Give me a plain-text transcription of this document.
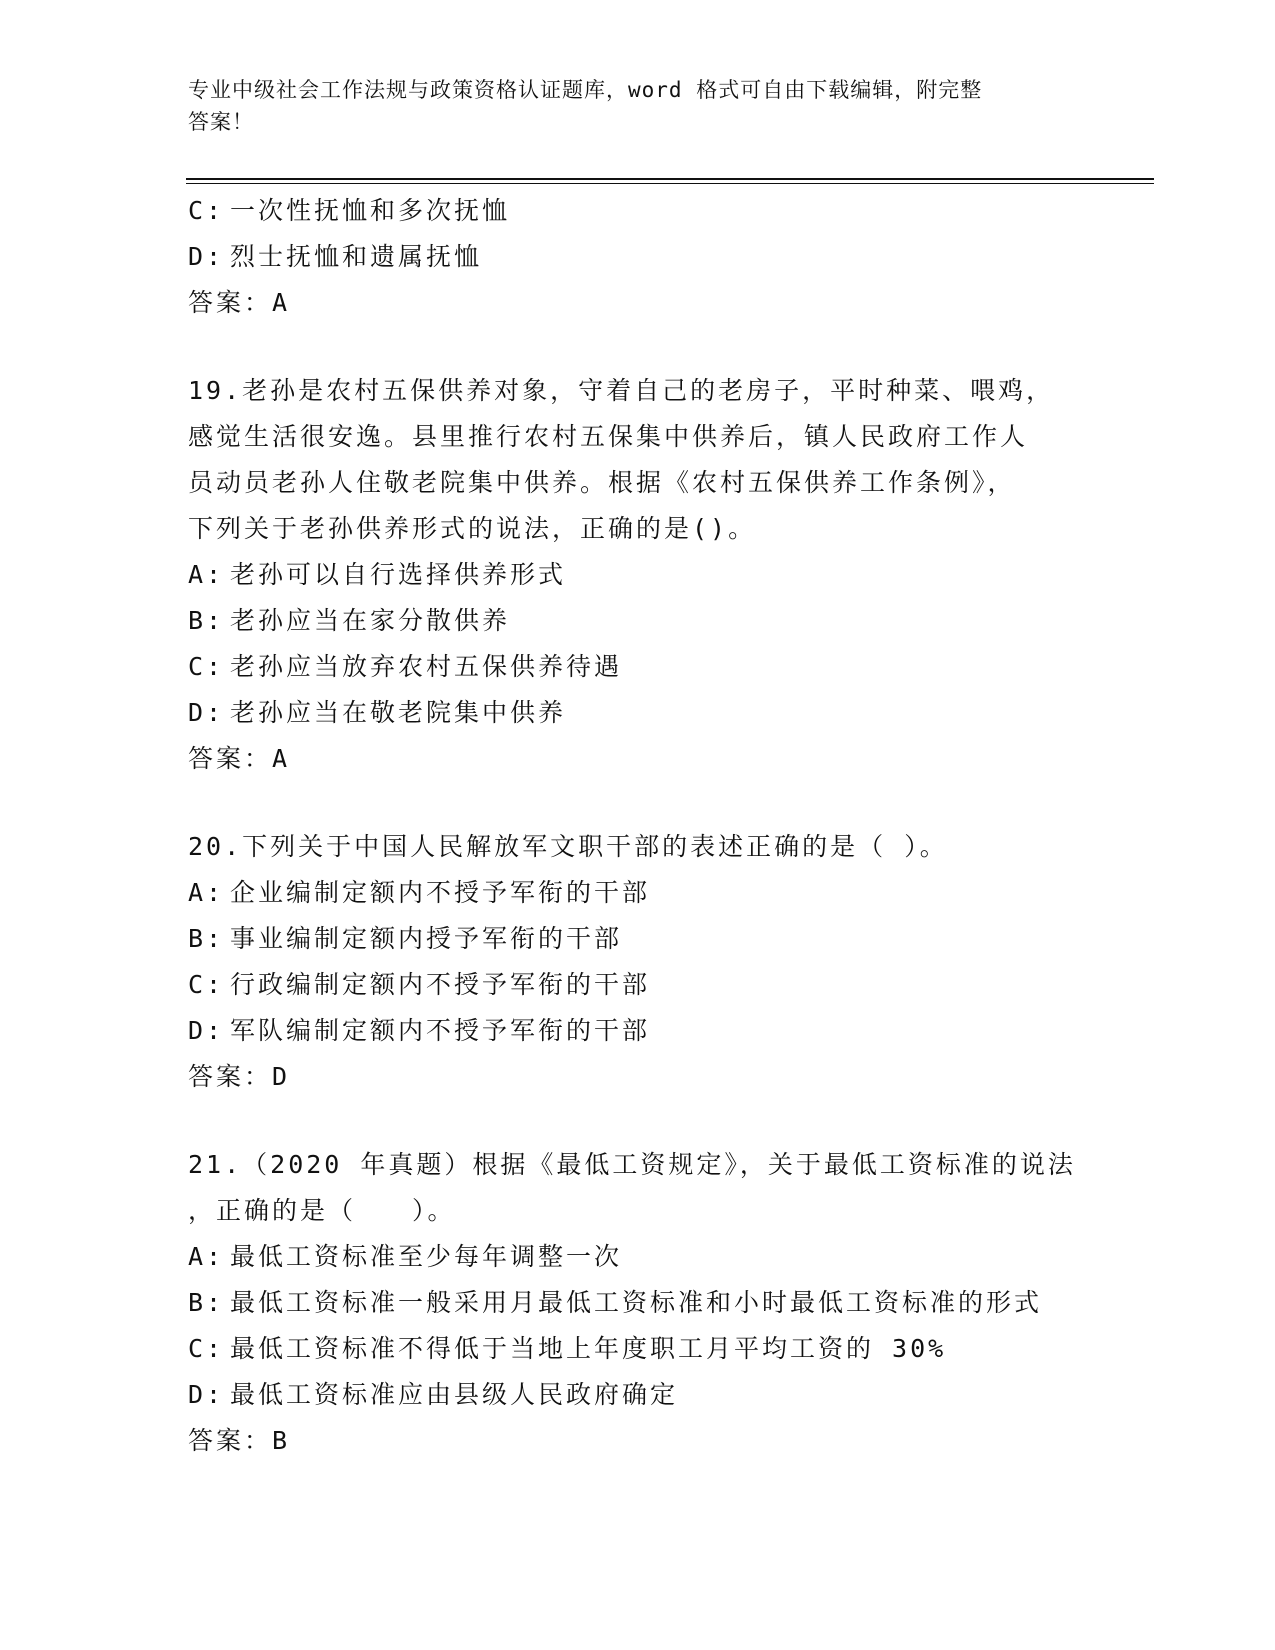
专业中级社会工作法规与政策资格认证题库，word 格式可自由下载编辑，附完整
答案！
C: 一次性抚恤和多次抚恤
D: 烈士抚恤和遗属抚恤
答案：A
19.老孙是农村五保供养对象，守着自己的老房子，平时种菜、喂鸡，
感觉生活很安逸。县里推行农村五保集中供养后，镇人民政府工作人
员动员老孙人住敬老院集中供养。根据《农村五保供养工作条例》，
下列关于老孙供养形式的说法，正确的是()。
A: 老孙可以自行选择供养形式
B: 老孙应当在家分散供养
C: 老孙应当放弃农村五保供养待遇
D: 老孙应当在敬老院集中供养
答案：A
20.下列关于中国人民解放军文职干部的表述正确的是（ ）。
A: 企业编制定额内不授予军衔的干部
B: 事业编制定额内授予军衔的干部
C: 行政编制定额内不授予军衔的干部
D: 军队编制定额内不授予军衔的干部
答案：D
21.（2020 年真题）根据《最低工资规定》，关于最低工资标准的说法
，正确的是（　　）。
A: 最低工资标准至少每年调整一次
B: 最低工资标准一般采用月最低工资标准和小时最低工资标准的形式
C: 最低工资标准不得低于当地上年度职工月平均工资的 30%
D: 最低工资标准应由县级人民政府确定
答案：B
